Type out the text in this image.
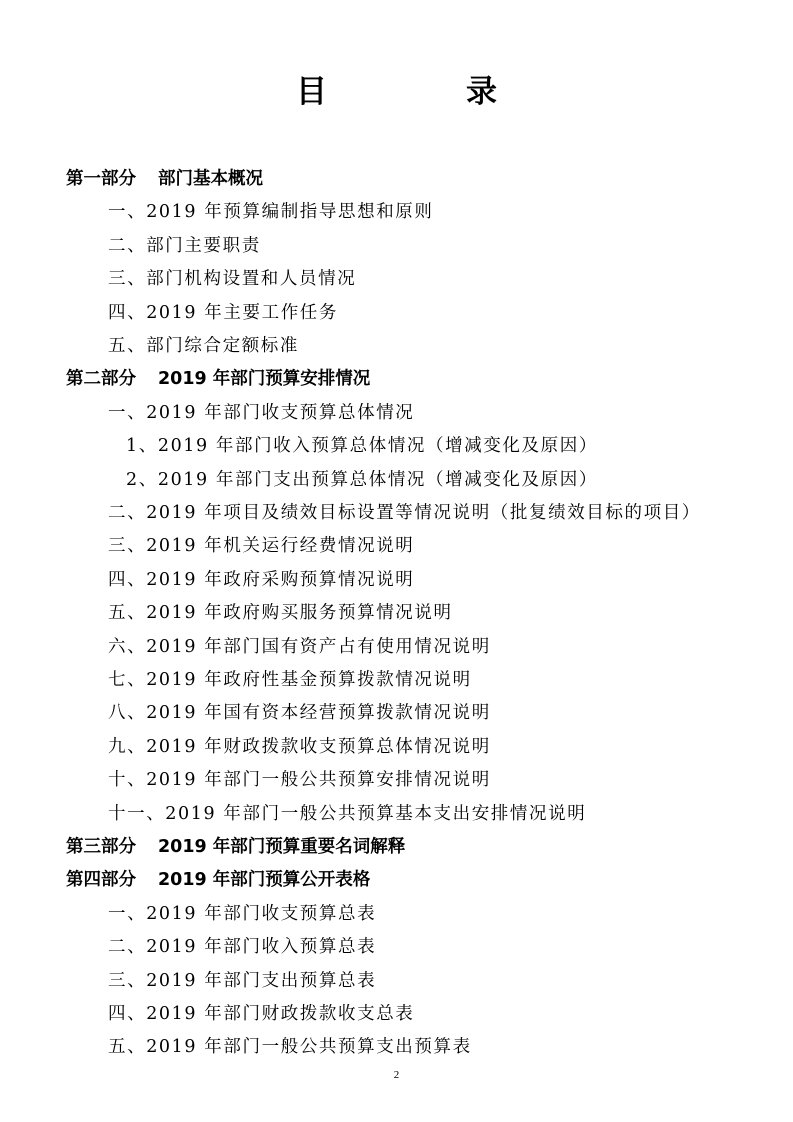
目　录
第一部分 部门基本概况
一、2019 年预算编制指导思想和原则
二、部门主要职责
三、部门机构设置和人员情况
四、2019 年主要工作任务
五、部门综合定额标准
第二部分 2019 年部门预算安排情况
一、2019 年部门收支预算总体情况
1、2019 年部门收入预算总体情况（增减变化及原因）
2、2019 年部门支出预算总体情况（增减变化及原因）
二、2019 年项目及绩效目标设置等情况说明（批复绩效目标的项目）
三、2019 年机关运行经费情况说明
四、2019 年政府采购预算情况说明
五、2019 年政府购买服务预算情况说明
六、2019 年部门国有资产占有使用情况说明
七、2019 年政府性基金预算拨款情况说明
八、2019 年国有资本经营预算拨款情况说明
九、2019 年财政拨款收支预算总体情况说明
十、2019 年部门一般公共预算安排情况说明
十一、2019 年部门一般公共预算基本支出安排情况说明
第三部分 2019 年部门预算重要名词解释
第四部分 2019 年部门预算公开表格
一、2019 年部门收支预算总表
二、2019 年部门收入预算总表
三、2019 年部门支出预算总表
四、2019 年部门财政拨款收支总表
五、2019 年部门一般公共预算支出预算表
2
